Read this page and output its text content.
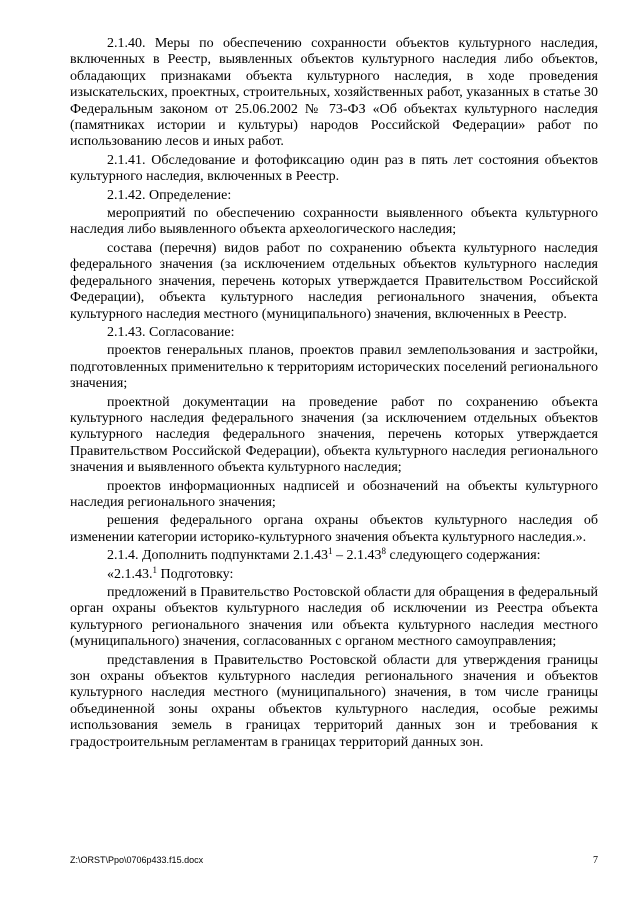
2.1.40. Меры по обеспечению сохранности объектов культурного наследия, включенных в Реестр, выявленных объектов культурного наследия либо объектов, обладающих признаками объекта культурного наследия, в ходе проведения изыскательских, проектных, строительных, хозяйственных работ, указанных в статье 30 Федеральным законом от 25.06.2002 № 73-ФЗ «Об объектах культурного наследия (памятниках истории и культуры) народов Российской Федерации» работ по использованию лесов и иных работ.

2.1.41. Обследование и фотофиксацию один раз в пять лет состояния объектов культурного наследия, включенных в Реестр.

2.1.42. Определение:

мероприятий по обеспечению сохранности выявленного объекта культурного наследия либо выявленного объекта археологического наследия;

состава (перечня) видов работ по сохранению объекта культурного наследия федерального значения (за исключением отдельных объектов культурного наследия федерального значения, перечень которых утверждается Правительством Российской Федерации), объекта культурного наследия регионального значения, объекта культурного наследия местного (муниципального) значения, включенных в Реестр.

2.1.43. Согласование:

проектов генеральных планов, проектов правил землепользования и застройки, подготовленных применительно к территориям исторических поселений регионального значения;

проектной документации на проведение работ по сохранению объекта культурного наследия федерального значения (за исключением отдельных объектов культурного наследия федерального значения, перечень которых утверждается Правительством Российской Федерации), объекта культурного наследия регионального значения и выявленного объекта культурного наследия;

проектов информационных надписей и обозначений на объекты культурного наследия регионального значения;

решения федерального органа охраны объектов культурного наследия об изменении категории историко-культурного значения объекта культурного наследия.».

2.1.4. Дополнить подпунктами 2.1.43$^1$ – 2.1.43$^8$ следующего содержания:

«2.1.43.$^1$ Подготовку:

предложений в Правительство Ростовской области для обращения в федеральный орган охраны объектов культурного наследия об исключении из Реестра объекта культурного регионального значения или объекта культурного наследия местного (муниципального) значения, согласованных с органом местного самоуправления;

представления в Правительство Ростовской области для утверждения границы зон охраны объектов культурного наследия регионального значения и объектов культурного наследия местного (муниципального) значения, в том числе границы объединенной зоны охраны объектов культурного наследия, особые режимы использования земель в границах территорий данных зон и требования к градостроительным регламентам в границах территорий данных зон.

Z:\ORST\Ppo\0706p433.f15.docx	7
